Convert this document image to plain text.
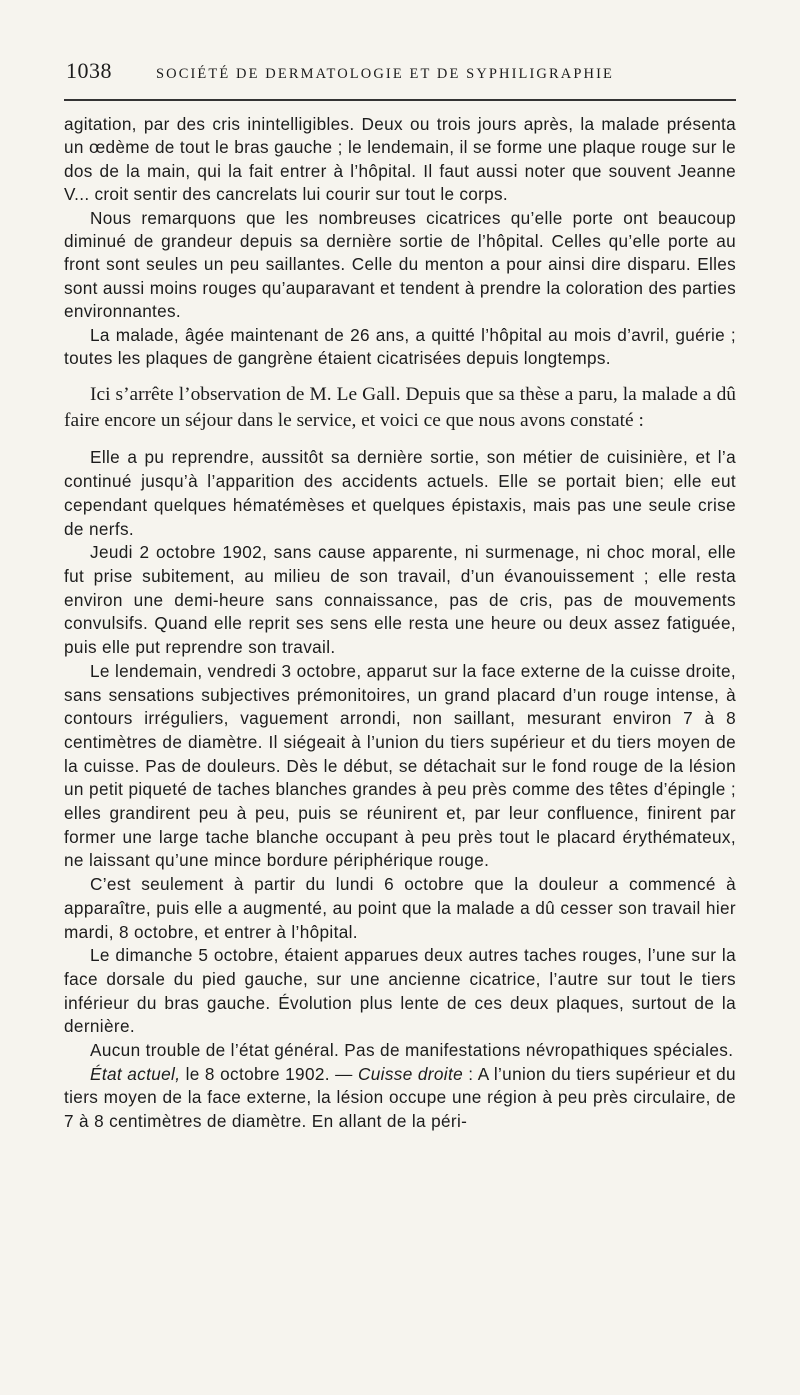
1038	SOCIÉTÉ DE DERMATOLOGIE ET DE SYPHILIGRAPHIE

agitation, par des cris inintelligibles. Deux ou trois jours après, la malade présenta un œdème de tout le bras gauche ; le lendemain, il se forme une plaque rouge sur le dos de la main, qui la fait entrer à l’hôpital. Il faut aussi noter que souvent Jeanne V... croit sentir des cancrelats lui courir sur tout le corps.

Nous remarquons que les nombreuses cicatrices qu’elle porte ont beaucoup diminué de grandeur depuis sa dernière sortie de l’hôpital. Celles qu’elle porte au front sont seules un peu saillantes. Celle du menton a pour ainsi dire disparu. Elles sont aussi moins rouges qu’auparavant et tendent à prendre la coloration des parties environnantes.

La malade, âgée maintenant de 26 ans, a quitté l’hôpital au mois d’avril, guérie ; toutes les plaques de gangrène étaient cicatrisées depuis longtemps.

Ici s’arrête l’observation de M. Le Gall. Depuis que sa thèse a paru, la malade a dû faire encore un séjour dans le service, et voici ce que nous avons constaté :

Elle a pu reprendre, aussitôt sa dernière sortie, son métier de cuisinière, et l’a continué jusqu’à l’apparition des accidents actuels. Elle se portait bien; elle eut cependant quelques hématémèses et quelques épistaxis, mais pas une seule crise de nerfs.

Jeudi 2 octobre 1902, sans cause apparente, ni surmenage, ni choc moral, elle fut prise subitement, au milieu de son travail, d’un évanouissement ; elle resta environ une demi-heure sans connaissance, pas de cris, pas de mouvements convulsifs. Quand elle reprit ses sens elle resta une heure ou deux assez fatiguée, puis elle put reprendre son travail.

Le lendemain, vendredi 3 octobre, apparut sur la face externe de la cuisse droite, sans sensations subjectives prémonitoires, un grand placard d’un rouge intense, à contours irréguliers, vaguement arrondi, non saillant, mesurant environ 7 à 8 centimètres de diamètre. Il siégeait à l’union du tiers supérieur et du tiers moyen de la cuisse. Pas de douleurs. Dès le début, se détachait sur le fond rouge de la lésion un petit piqueté de taches blanches grandes à peu près comme des têtes d’épingle ; elles grandirent peu à peu, puis se réunirent et, par leur confluence, finirent par former une large tache blanche occupant à peu près tout le placard érythémateux, ne laissant qu’une mince bordure périphérique rouge.

C’est seulement à partir du lundi 6 octobre que la douleur a commencé à apparaître, puis elle a augmenté, au point que la malade a dû cesser son travail hier mardi, 8 octobre, et entrer à l’hôpital.

Le dimanche 5 octobre, étaient apparues deux autres taches rouges, l’une sur la face dorsale du pied gauche, sur une ancienne cicatrice, l’autre sur tout le tiers inférieur du bras gauche. Évolution plus lente de ces deux plaques, surtout de la dernière.

Aucun trouble de l’état général. Pas de manifestations névropathiques spéciales.

État actuel, le 8 octobre 1902. — Cuisse droite : A l’union du tiers supérieur et du tiers moyen de la face externe, la lésion occupe une région à peu près circulaire, de 7 à 8 centimètres de diamètre. En allant de la péri-
